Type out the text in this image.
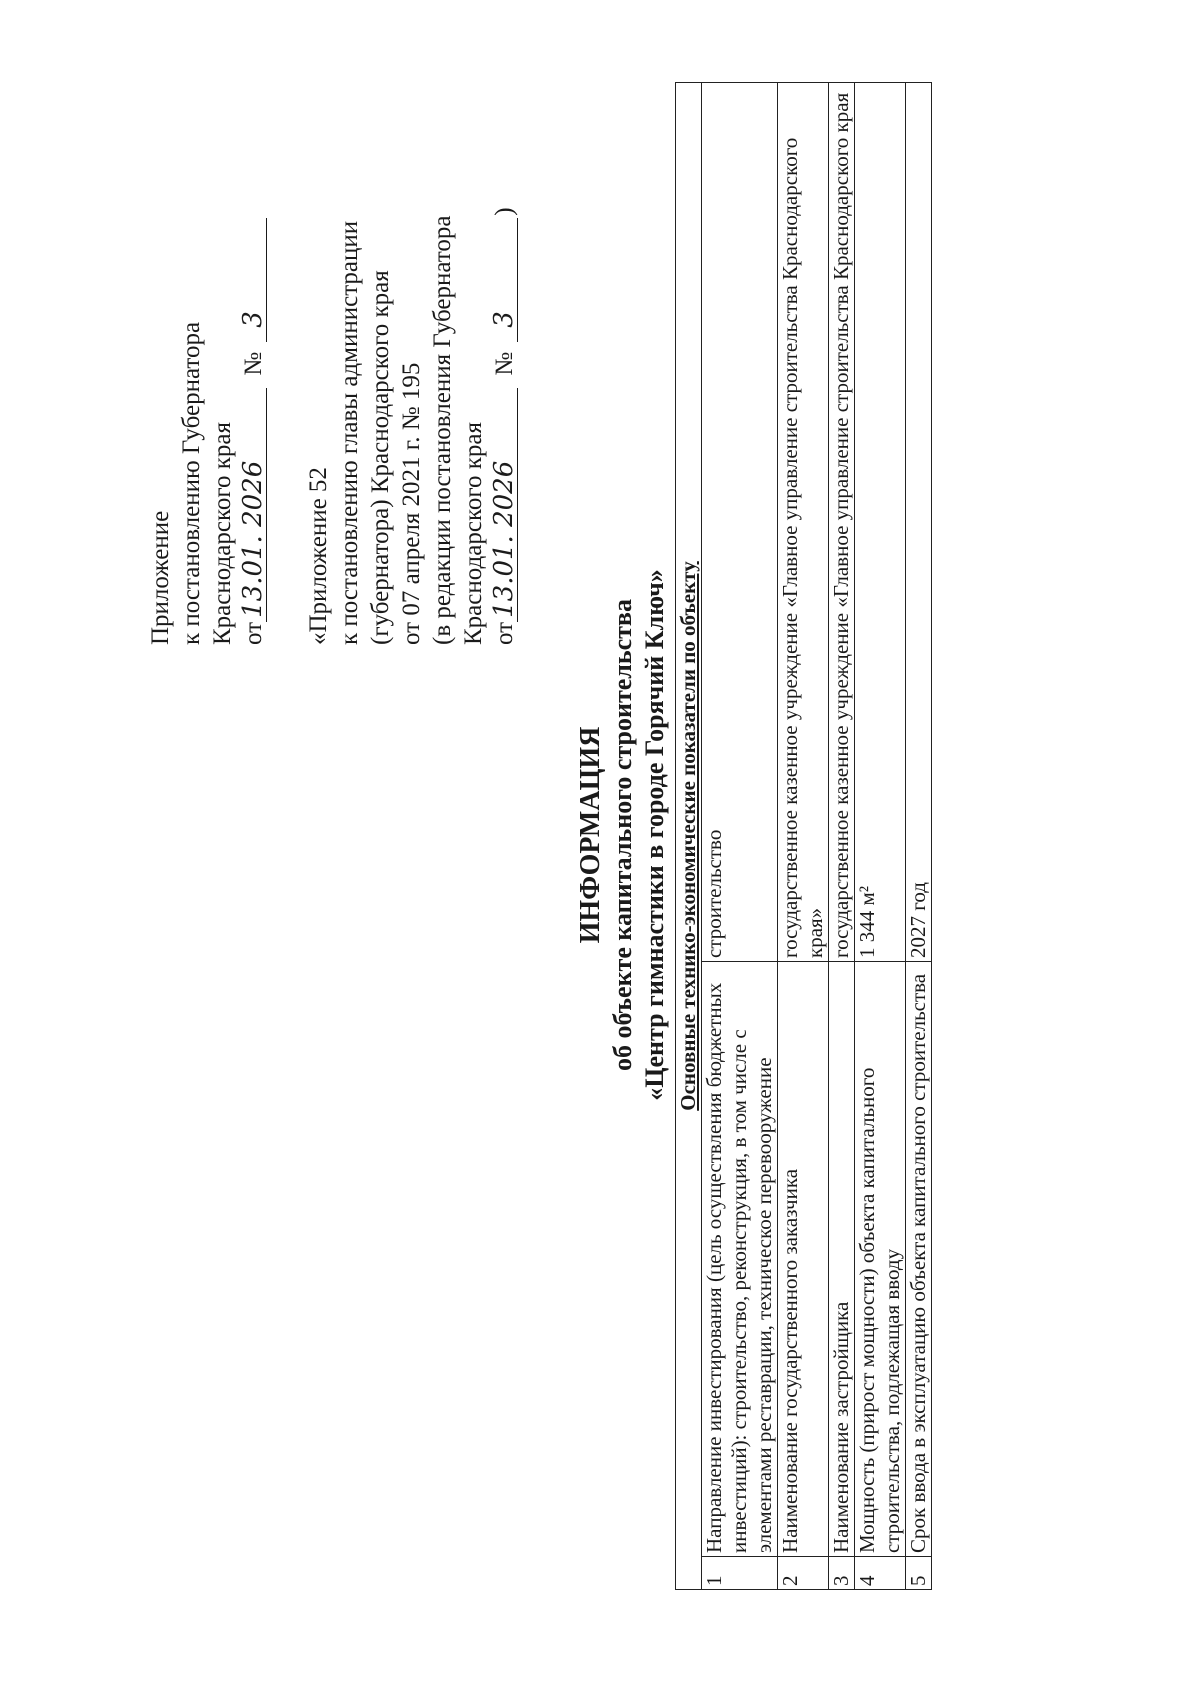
Приложение к постановлению Губернатора Краснодарского края от13.01. 2026 №3
«Приложение 52 к постановлению главы администрации (губернатора) Краснодарского края от 07 апреля 2021 г. № 195 (в редакции постановления Губернатора Краснодарского края от13.01. 2026 №3)
ИНФОРМАЦИЯ об объекте капитального строительства «Центр гимнастики в городе Горячий Ключ» Основные технико-экономические показатели по объекту		
1	Направление инвестирования (цель осуществления бюджетных инвестиций): строительство, реконструкция, в том числе с элементами реставрации, техническое перевооружение	строительство
2	Наименование государственного заказчика	государственное казенное учреждение «Главное управление строительства Краснодарского края»
3	Наименование застройщика	государственное казенное учреждение «Главное управление строительства Краснодарского края
4	Мощность (прирост мощности) объекта капитального строительства, подлежащая вводу	1 344 м²
5	Срок ввода в эксплуатацию объекта капитального строительства	2027 год
